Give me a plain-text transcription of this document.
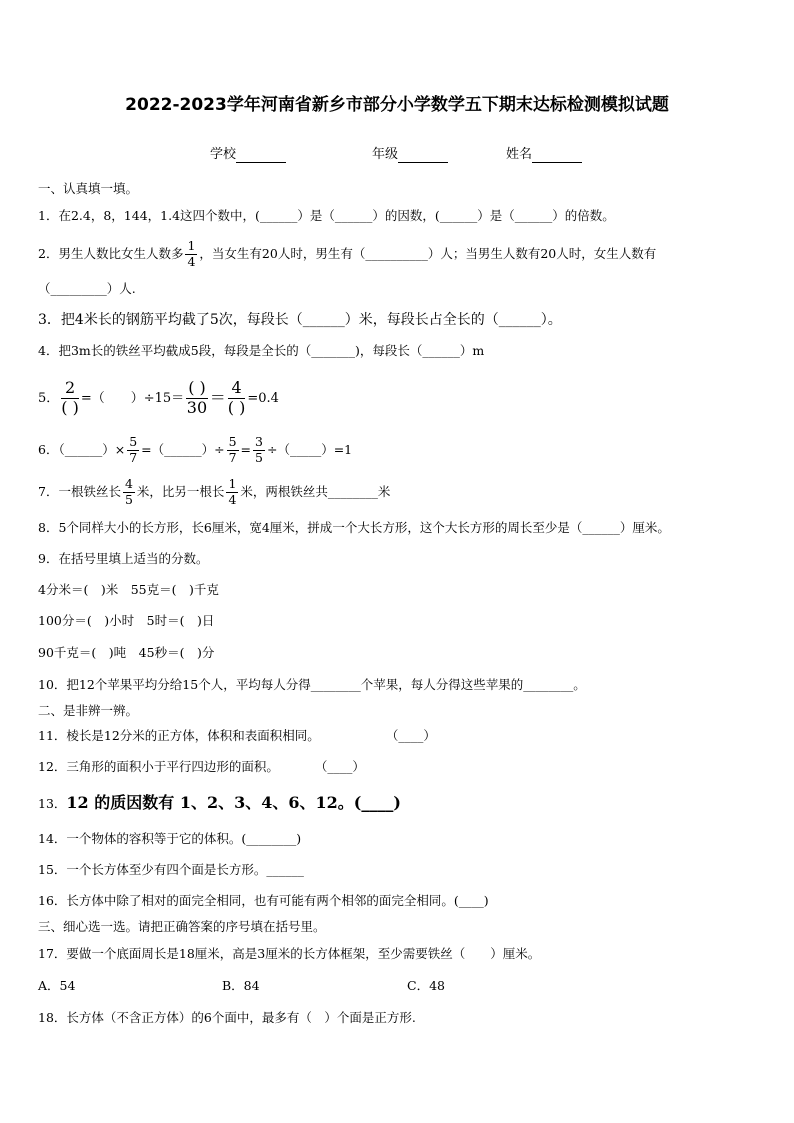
2022-2023学年河南省新乡市部分小学数学五下期末达标检测模拟试题
学校	年级	姓名
一、认真填一填。
1．在2.4，8，144，1.4这四个数中，(______）是（______）的因数，(______）是（______）的倍数。
2．男生人数比女生人数多
1
4
，当女生有20人时，男生有（__________）人；当男生人数有20人时，女生人数有
（_________）人.
3．把4米长的钢筋平均截了5次，每段长（______）米，每段长占全长的（______）。
4．把3m长的铁丝平均截成5段，每段是全长的（_______)，每段长（______）m
5．
2
( ) =（　　）÷15＝
( )
30 ＝
4
( ) =0.4
6．（______）× $\frac{5}{7}$ =（______）÷ $\frac{5}{7} = \frac{3}{5}$ ÷（_____）=1
7．一根铁丝长
4
5
米，比另一根长
1
4
米，两根铁丝共________米
8．5个同样大小的长方形，长6厘米，宽4厘米，拼成一个大长方形，这个大长方形的周长至少是（______）厘米。
9．在括号里填上适当的分数。
4分米＝(　)米　55克＝(　)千克
100分＝(　)小时　5时＝(　)日
90千克＝(　)吨　45秒＝(　)分
10．把12个苹果平均分给15个人，平均每人分得________个苹果，每人分得这些苹果的________。
二、是非辨一辨。
11．棱长是12分米的正方体，体积和表面积相同。	（____）
12．三角形的面积小于平行四边形的面积。	（____）
13．12 的质因数有 1、2、3、4、6、12。(____)
14．一个物体的容积等于它的体积。(________)
15．一个长方体至少有四个面是长方形。______
16．长方体中除了相对的面完全相同，也有可能有两个相邻的面完全相同。(____)
三、细心选一选。请把正确答案的序号填在括号里。
17．要做一个底面周长是18厘米，高是3厘米的长方体框架，至少需要铁丝（　　）厘米。
A．54	B．84	C．48
18．长方体（不含正方体）的6个面中，最多有（　）个面是正方形.
